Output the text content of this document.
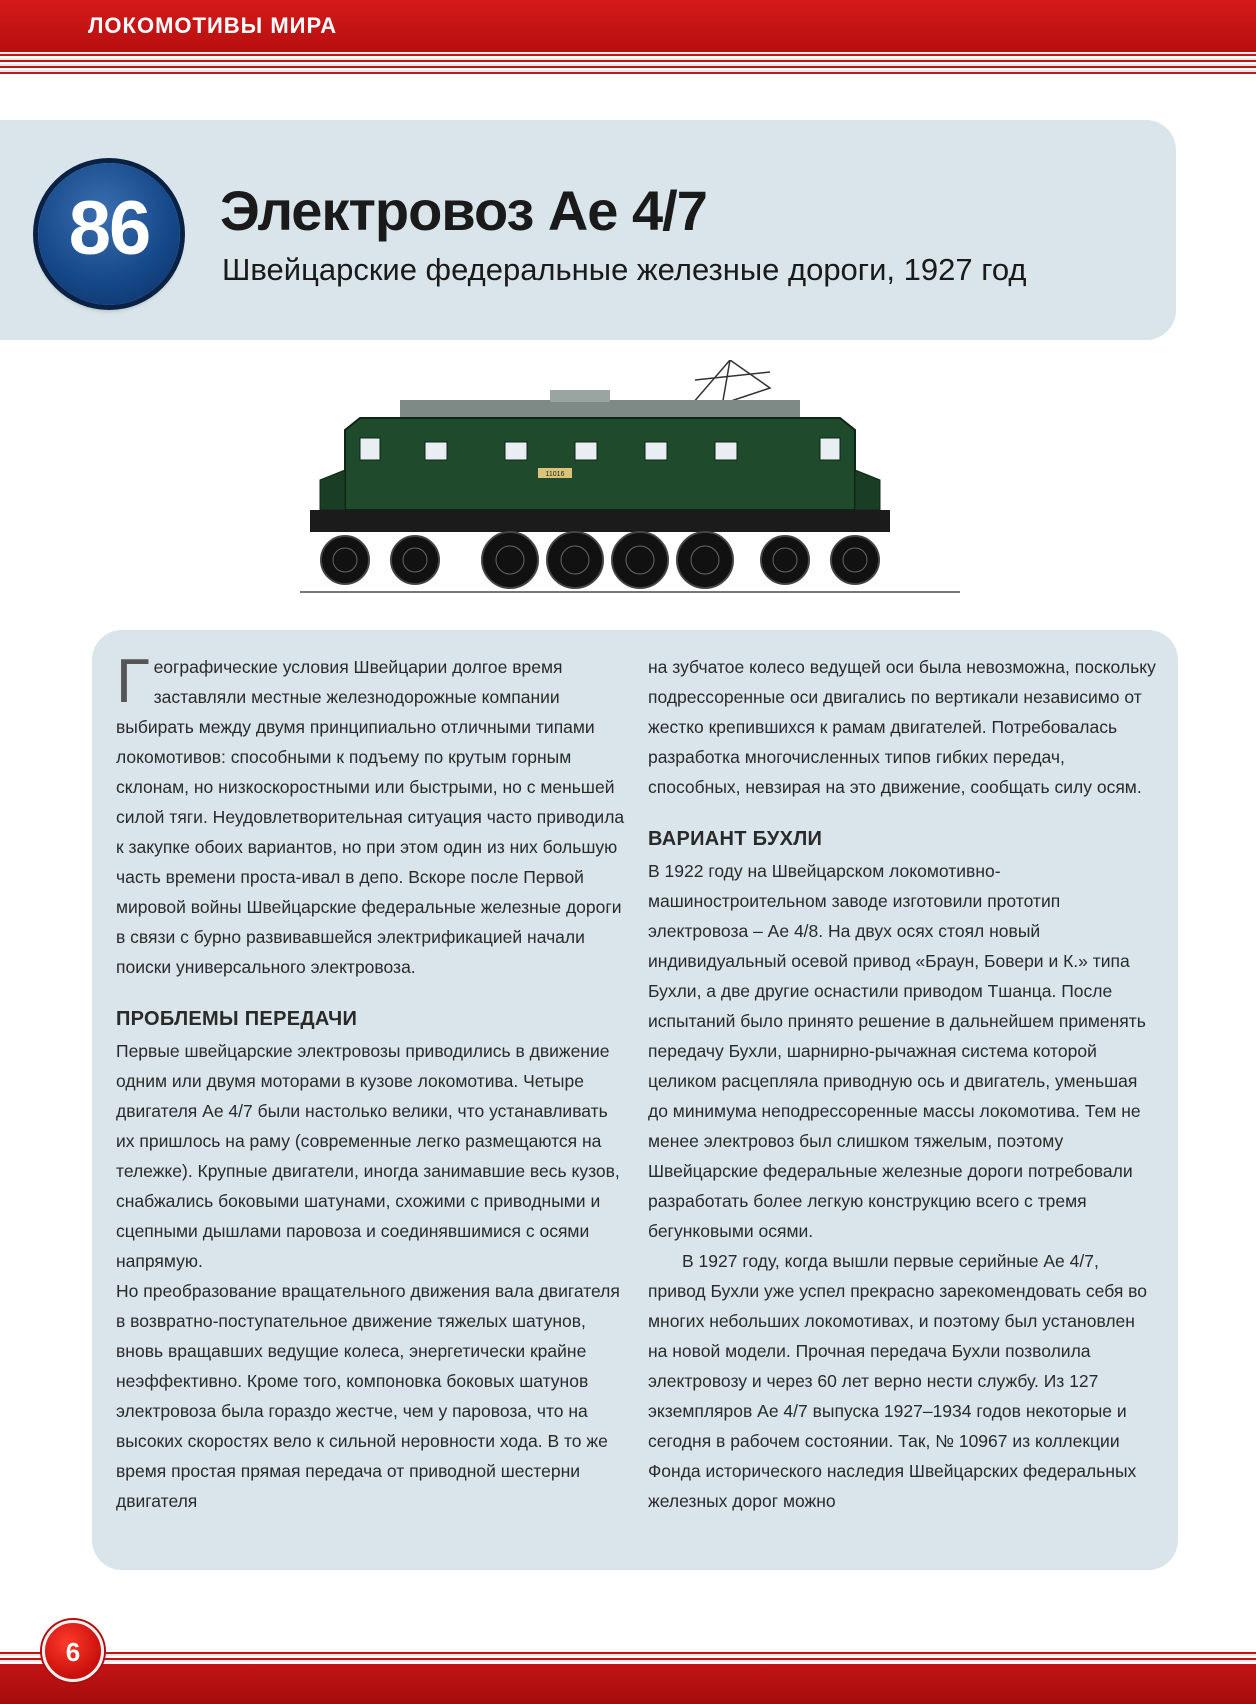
ЛОКОМОТИВЫ МИРА
86	Электровоз Ae 4/7
Швейцарские федеральные железные дороги, 1927 год
11016

Географические условия Швейцарии долгое время заставляли местные железнодорожные компании выбирать между двумя принципиально отличными типами локомотивов: способными к подъему по крутым горным склонам, но низкоскоростными или быстрыми, но с меньшей силой тяги. Неудовлетворительная ситуация часто приводила к закупке обоих вариантов, но при этом один из них большую часть времени проста-ивал в депо. Вскоре после Первой мировой войны Швейцарские федеральные железные дороги в связи с бурно развивавшейся электрификацией начали поиски универсального электровоза.

ПРОБЛЕМЫ ПЕРЕДАЧИ

Первые швейцарские электровозы приводились в движение одним или двумя моторами в кузове локомотива. Четыре двигателя Ae 4/7 были настолько велики, что устанавливать их пришлось на раму (современные легко размещаются на тележке). Крупные двигатели, иногда занимавшие весь кузов, снабжались боковыми шатунами, схожими с приводными и сцепными дышлами паровоза и соединявшимися с осями напрямую.

Но преобразование вращательного движения вала двигателя в возвратно-поступательное движение тяжелых шатунов, вновь вращавших ведущие колеса, энергетически крайне неэффективно. Кроме того, компоновка боковых шатунов электровоза была гораздо жестче, чем у паровоза, что на высоких скоростях вело к сильной неровности хода. В то же время простая прямая передача от приводной шестерни двигателя

на зубчатое колесо ведущей оси была невозможна, поскольку подрессоренные оси двигались по вертикали независимо от жестко крепившихся к рамам двигателей. Потребовалась разработка многочисленных типов гибких передач, способных, невзирая на это движение, сообщать силу осям.

ВАРИАНТ БУХЛИ

В 1922 году на Швейцарском локомотивно-машиностроительном заводе изготовили прототип электровоза – Ae 4/8. На двух осях стоял новый индивидуальный осевой привод «Браун, Бовери и К.» типа Бухли, а две другие оснастили приводом Тшанца. После испытаний было принято решение в дальнейшем применять передачу Бухли, шарнирно-рычажная система которой целиком расцепляла приводную ось и двигатель, уменьшая до минимума неподрессоренные массы локомотива. Тем не менее электровоз был слишком тяжелым, поэтому Швейцарские федеральные железные дороги потребовали разработать более легкую конструкцию всего с тремя бегунковыми осями.

В 1927 году, когда вышли первые серийные Ae 4/7, привод Бухли уже успел прекрасно зарекомендовать себя во многих небольших локомотивах, и поэтому был установлен на новой модели. Прочная передача Бухли позволила электровозу и через 60 лет верно нести службу. Из 127 экземпляров Ae 4/7 выпуска 1927–1934 годов некоторые и сегодня в рабочем состоянии. Так, № 10967 из коллекции Фонда исторического наследия Швейцарских федеральных железных дорог можно

6
